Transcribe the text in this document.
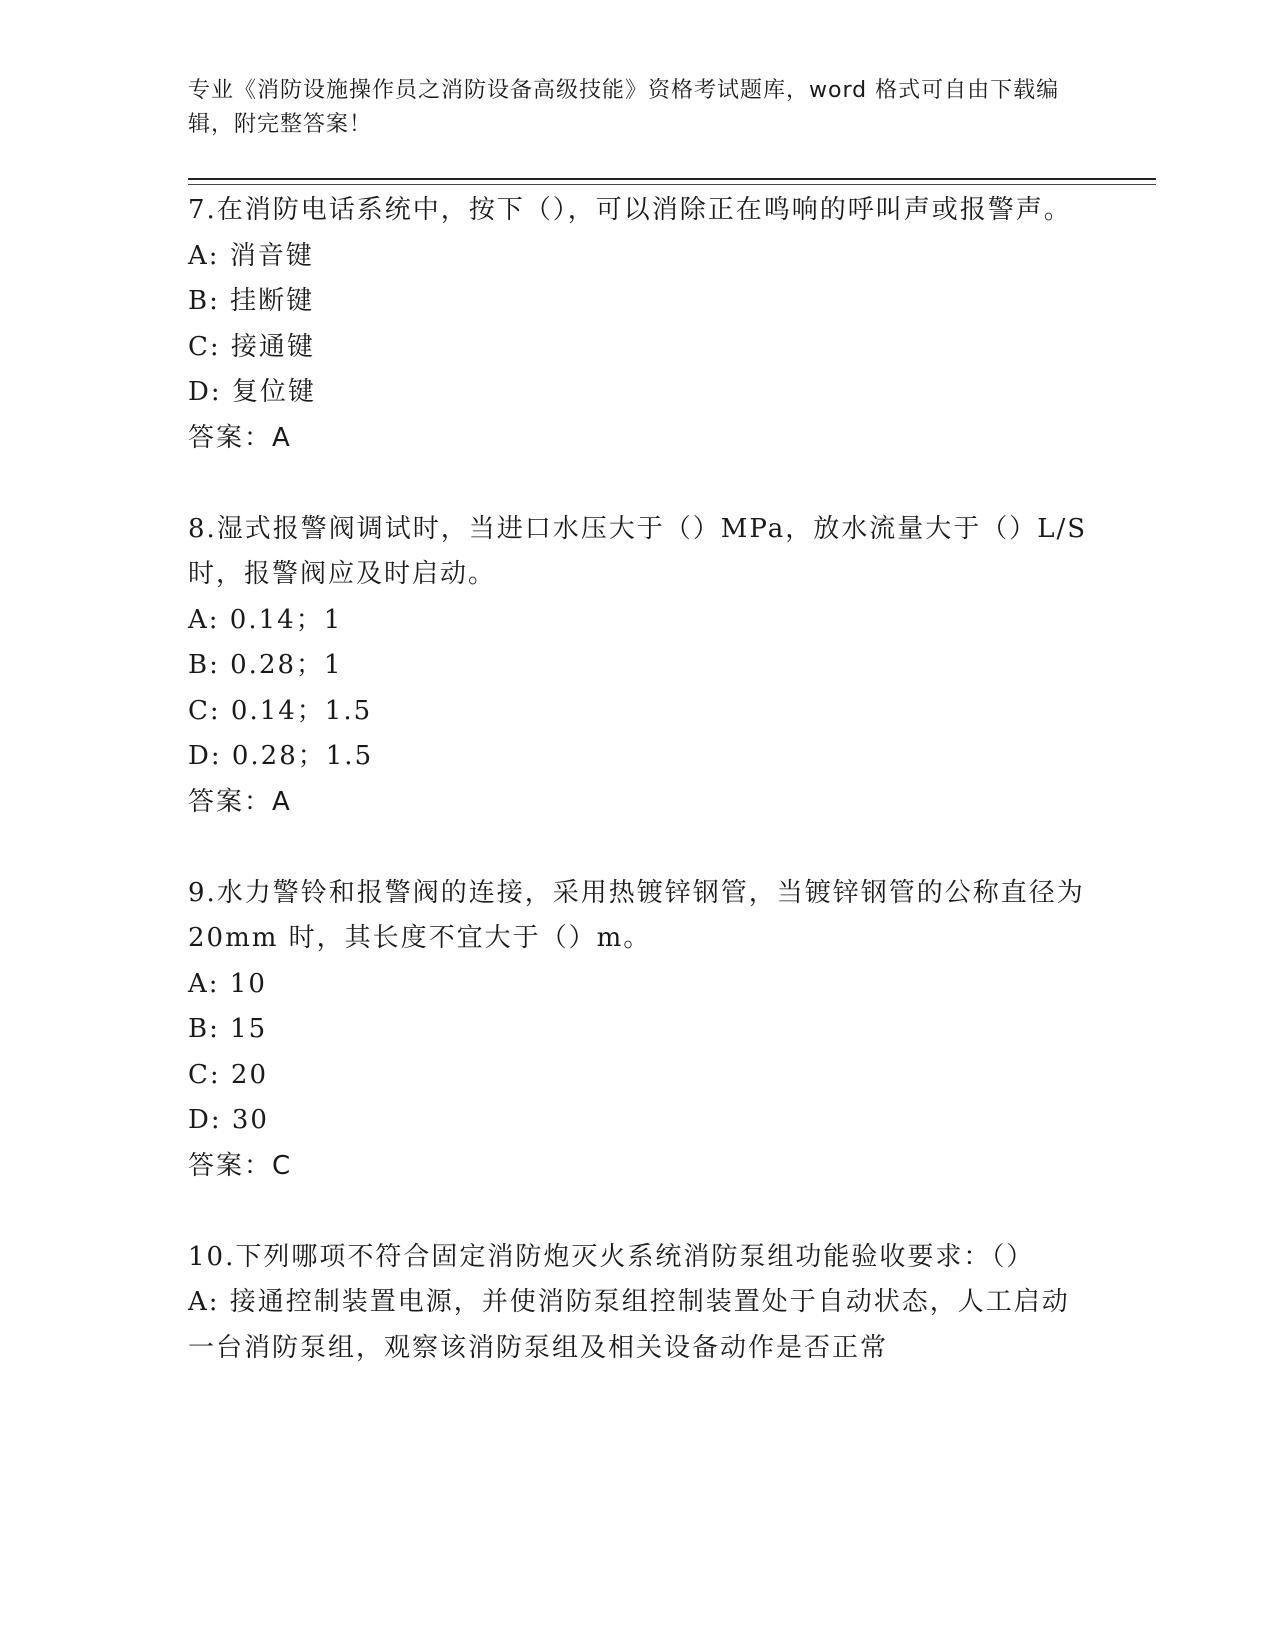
专业《消防设施操作员之消防设备高级技能》资格考试题库，word 格式可自由下载编辑，附完整答案！

7.在消防电话系统中，按下（），可以消除正在鸣响的呼叫声或报警声。

A: 消音键

B: 挂断键

C: 接通键

D: 复位键

答案：A

8.湿式报警阀调试时，当进口水压大于（）MPa，放水流量大于（）L/S 时，报警阀应及时启动。

A: 0.14；1

B: 0.28；1

C: 0.14；1.5

D: 0.28；1.5

答案：A

9.水力警铃和报警阀的连接，采用热镀锌钢管，当镀锌钢管的公称直径为 20mm 时，其长度不宜大于（）m。

A: 10

B: 15

C: 20

D: 30

答案：C

10.下列哪项不符合固定消防炮灭火系统消防泵组功能验收要求：（）

A: 接通控制装置电源，并使消防泵组控制装置处于自动状态，人工启动一台消防泵组，观察该消防泵组及相关设备动作是否正常
